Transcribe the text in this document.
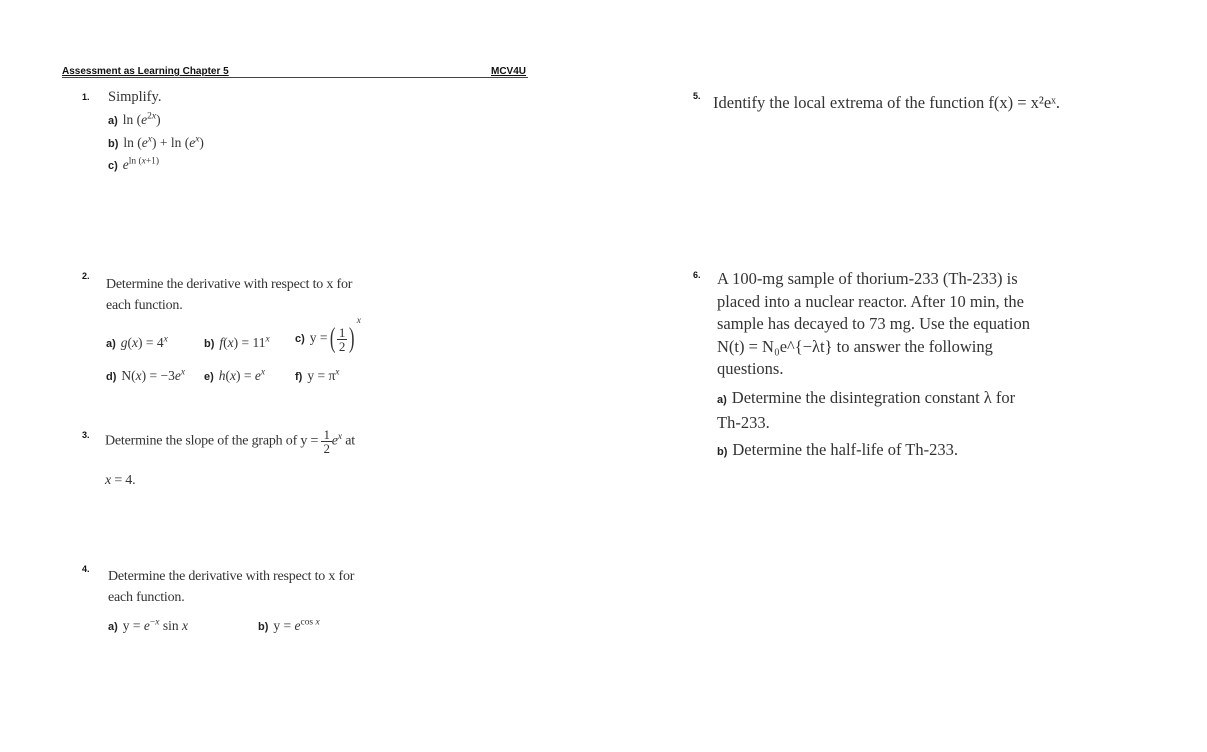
Assessment as Learning Chapter 5	MCV4U
1. Simplify.
a) $\ln (e^{2x})$
b) $\ln (e^x) + \ln (e^x)$
c) $e^{ln (x+1)}$
2.
Determine the derivative with respect to x for each function.
a) $g(x) = 4^x$	b) $f(x) = 11^x$ c) y =( $\frac{1}{2} )^x$
d) $N(x) = -3e^x$ e) $h(x) = e^x$	f) $y = \pi^x$
3. Determine the slope of the graph of $y = \frac{1}{2} e^x$ at
x = 4.
4. Determine the derivative with respect to x for each function.
a) $y = e^{-x}$ sin x	b) $y = e^{cos x}$
5. Identify the local extrema of the function f(x) = x²eˣ.
6. A 100-mg sample of thorium-233 (Th-233) is placed into a nuclear reactor. After 10 min, the sample has decayed to 73 mg. Use the equation N(t) = N₀e^{−λt} to answer the following questions.
a) Determine the disintegration constant λ for Th-233.
b) Determine the half-life of Th-233.
